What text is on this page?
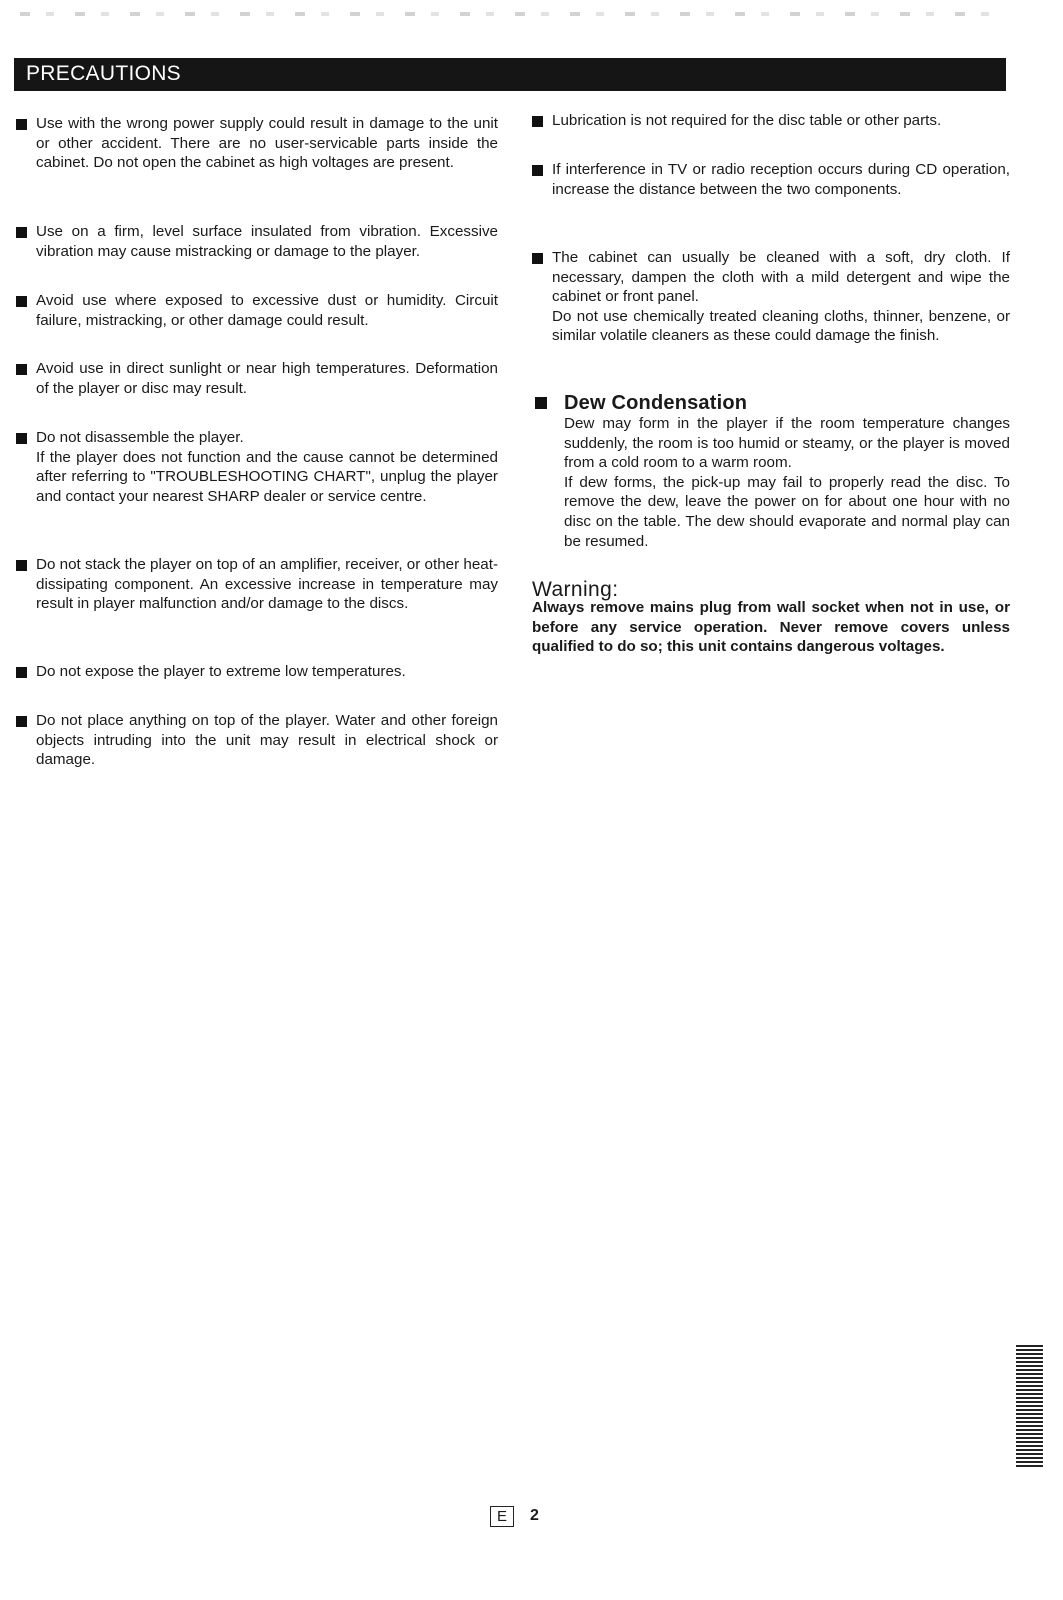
PRECAUTIONS

Use with the wrong power supply could result in damage to the unit or other accident. There are no user-servicable parts inside the cabinet. Do not open the cabinet as high voltages are present.

Use on a firm, level surface insulated from vibration. Excessive vibration may cause mistracking or damage to the player.

Avoid use where exposed to excessive dust or humidity. Circuit failure, mistracking, or other damage could result.

Avoid use in direct sunlight or near high temperatures. Deformation of the player or disc may result.

Do not disassemble the player.

If the player does not function and the cause cannot be determined after referring to "TROUBLESHOOTING CHART", unplug the player and contact your nearest SHARP dealer or service centre.

Do not stack the player on top of an amplifier, receiver, or other heat-dissipating component. An excessive increase in temperature may result in player malfunction and/or damage to the discs.

Do not expose the player to extreme low temperatures.

Do not place anything on top of the player. Water and other foreign objects intruding into the unit may result in electrical shock or damage.

Lubrication is not required for the disc table or other parts.

If interference in TV or radio reception occurs during CD operation, increase the distance between the two components.

The cabinet can usually be cleaned with a soft, dry cloth. If necessary, dampen the cloth with a mild detergent and wipe the cabinet or front panel.

Do not use chemically treated cleaning cloths, thinner, benzene, or similar volatile cleaners as these could damage the finish.

Dew Condensation

Dew may form in the player if the room temperature changes suddenly, the room is too humid or steamy, or the player is moved from a cold room to a warm room.

If dew forms, the pick-up may fail to properly read the disc. To remove the dew, leave the power on for about one hour with no disc on the table. The dew should evaporate and normal play can be resumed.

Warning:
Always remove mains plug from wall socket when not in use, or before any service operation. Never remove covers unless qualified to do so; this unit contains dangerous voltages.
E	2
